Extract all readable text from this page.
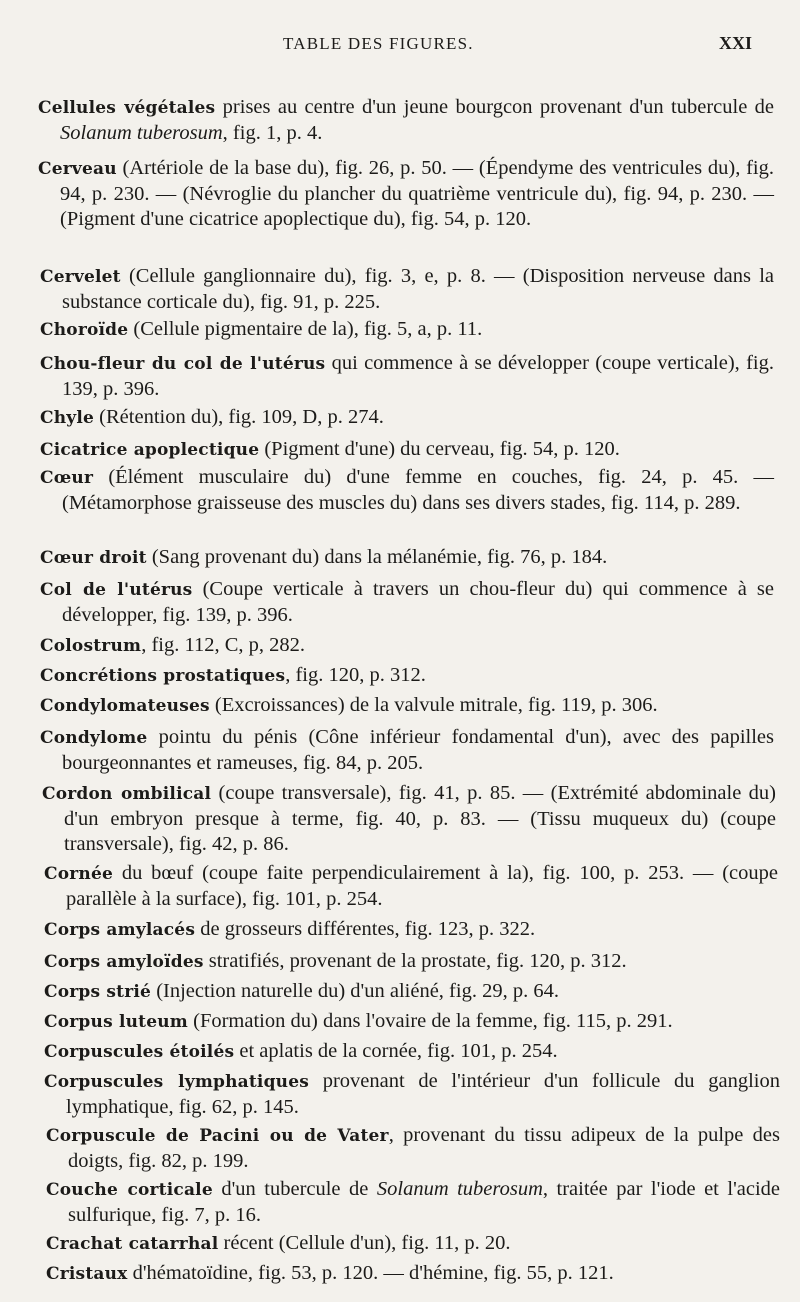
TABLE DES FIGURES.	XXI

Cellules végétales prises au centre d'un jeune bourgcon provenant d'un tubercule de Solanum tuberosum, fig. 1, p. 4.

Cerveau (Artériole de la base du), fig. 26, p. 50. — (Épendyme des ventricules du), fig. 94, p. 230. — (Névroglie du plancher du quatrième ventricule du), fig. 94, p. 230. — (Pigment d'une cicatrice apoplectique du), fig. 54, p. 120.

Cervelet (Cellule ganglionnaire du), fig. 3, e, p. 8. — (Disposition nerveuse dans la substance corticale du), fig. 91, p. 225.

Choroïde (Cellule pigmentaire de la), fig. 5, a, p. 11.

Chou-fleur du col de l'utérus qui commence à se développer (coupe verticale), fig. 139, p. 396.

Chyle (Rétention du), fig. 109, D, p. 274.

Cicatrice apoplectique (Pigment d'une) du cerveau, fig. 54, p. 120.

Cœur (Élément musculaire du) d'une femme en couches, fig. 24, p. 45. — (Métamorphose graisseuse des muscles du) dans ses divers stades, fig. 114, p. 289.

Cœur droit (Sang provenant du) dans la mélanémie, fig. 76, p. 184.

Col de l'utérus (Coupe verticale à travers un chou-fleur du) qui commence à se développer, fig. 139, p. 396.

Colostrum, fig. 112, C, p, 282.

Concrétions prostatiques, fig. 120, p. 312.

Condylomateuses (Excroissances) de la valvule mitrale, fig. 119, p. 306.

Condylome pointu du pénis (Cône inférieur fondamental d'un), avec des papilles bourgeonnantes et rameuses, fig. 84, p. 205.

Cordon ombilical (coupe transversale), fig. 41, p. 85. — (Extrémité abdominale du) d'un embryon presque à terme, fig. 40, p. 83. — (Tissu muqueux du) (coupe transversale), fig. 42, p. 86.

Cornée du bœuf (coupe faite perpendiculairement à la), fig. 100, p. 253. — (coupe parallèle à la surface), fig. 101, p. 254.

Corps amylacés de grosseurs différentes, fig. 123, p. 322.

Corps amyloïdes stratifiés, provenant de la prostate, fig. 120, p. 312.

Corps strié (Injection naturelle du) d'un aliéné, fig. 29, p. 64.

Corpus luteum (Formation du) dans l'ovaire de la femme, fig. 115, p. 291.

Corpuscules étoilés et aplatis de la cornée, fig. 101, p. 254.

Corpuscules lymphatiques provenant de l'intérieur d'un follicule du ganglion lymphatique, fig. 62, p. 145.

Corpuscule de Pacini ou de Vater, provenant du tissu adipeux de la pulpe des doigts, fig. 82, p. 199.

Couche corticale d'un tubercule de Solanum tuberosum, traitée par l'iode et l'acide sulfurique, fig. 7, p. 16.

Crachat catarrhal récent (Cellule d'un), fig. 11, p. 20.

Cristaux d'hématoïdine, fig. 53, p. 120. — d'hémine, fig. 55, p. 121.
